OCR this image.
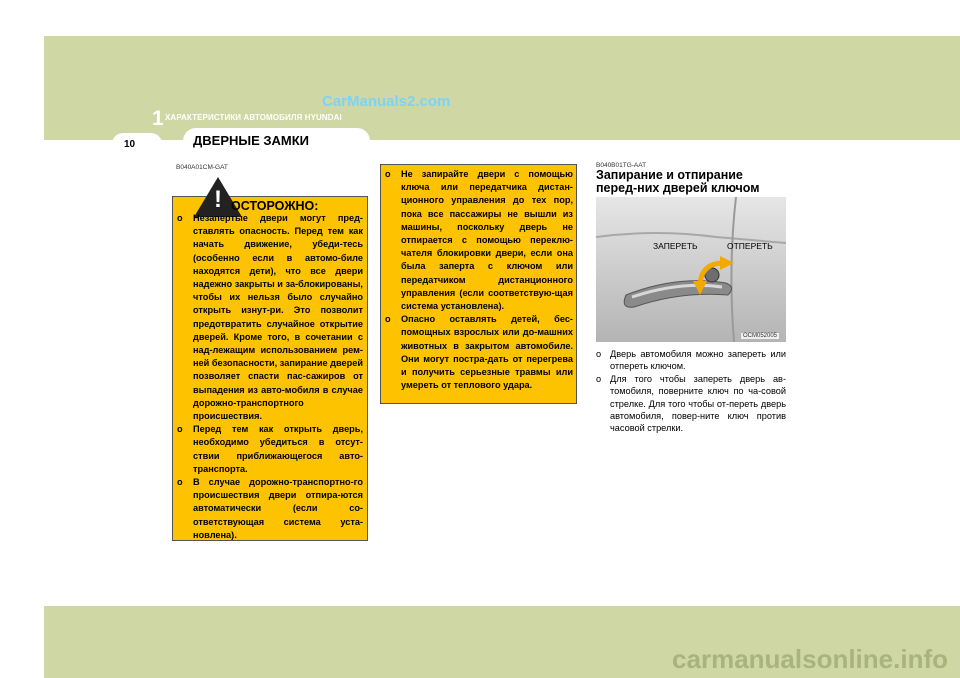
CarManuals2.com
carmanualsonline.info
1 ХАРАКТЕРИСТИКИ АВТОМОБИЛЯ HYUNDAI
10	ДВЕРНЫЕ ЗАМКИ
B040A01CM-GAT
! ОСТОРОЖНО:
o Незапертые двери могут пред-ставлять опасность. Перед тем как начать движение, убеди-тесь (особенно если в автомо-биле находятся дети), что все двери надежно закрыты и за-блокированы, чтобы их нельзя было случайно открыть изнут-ри. Это позволит предотвратить случайное открытие дверей. Кроме того, в сочетании с над-лежащим использованием рем-ней безопасности, запирание дверей позволяет спасти пас-сажиров от выпадения из авто-мобиля в случае дорожно-транспортного происшествия.
o Перед тем как открыть дверь, необходимо убедиться в отсут-ствии приближающегося авто-транспорта.
o В случае дорожно-транспортно-го происшествия двери отпира-ются автоматически (если со-ответствующая система уста-новлена).
o Не запирайте двери с помощью ключа или передатчика дистан-ционного управления до тех пор, пока все пассажиры не вышли из машины, поскольку дверь не отпирается с помощью переклю-чателя блокировки двери, если она была заперта с ключом или передатчиком дистанционного управления (если соответствую-щая система установлена).
o Опасно оставлять детей, бес-помощных взрослых или до-машних животных в закрытом автомобиле. Они могут пострa-дать от перегрева и получить серьезные травмы или умереть от теплового удара.
B040B01TG-AAT
Запирание и отпирание перед-них дверей ключом
ЗАПЕРЕТЬ	ОТПЕРЕТЬ
OCM052005
o Дверь автомобиля можно запереть или отпереть ключом.
o Для того чтобы запереть дверь ав-томобиля, поверните ключ по ча-совой стрелке. Для того чтобы от-переть дверь автомобиля, повер-ните ключ против часовой стрелки.
